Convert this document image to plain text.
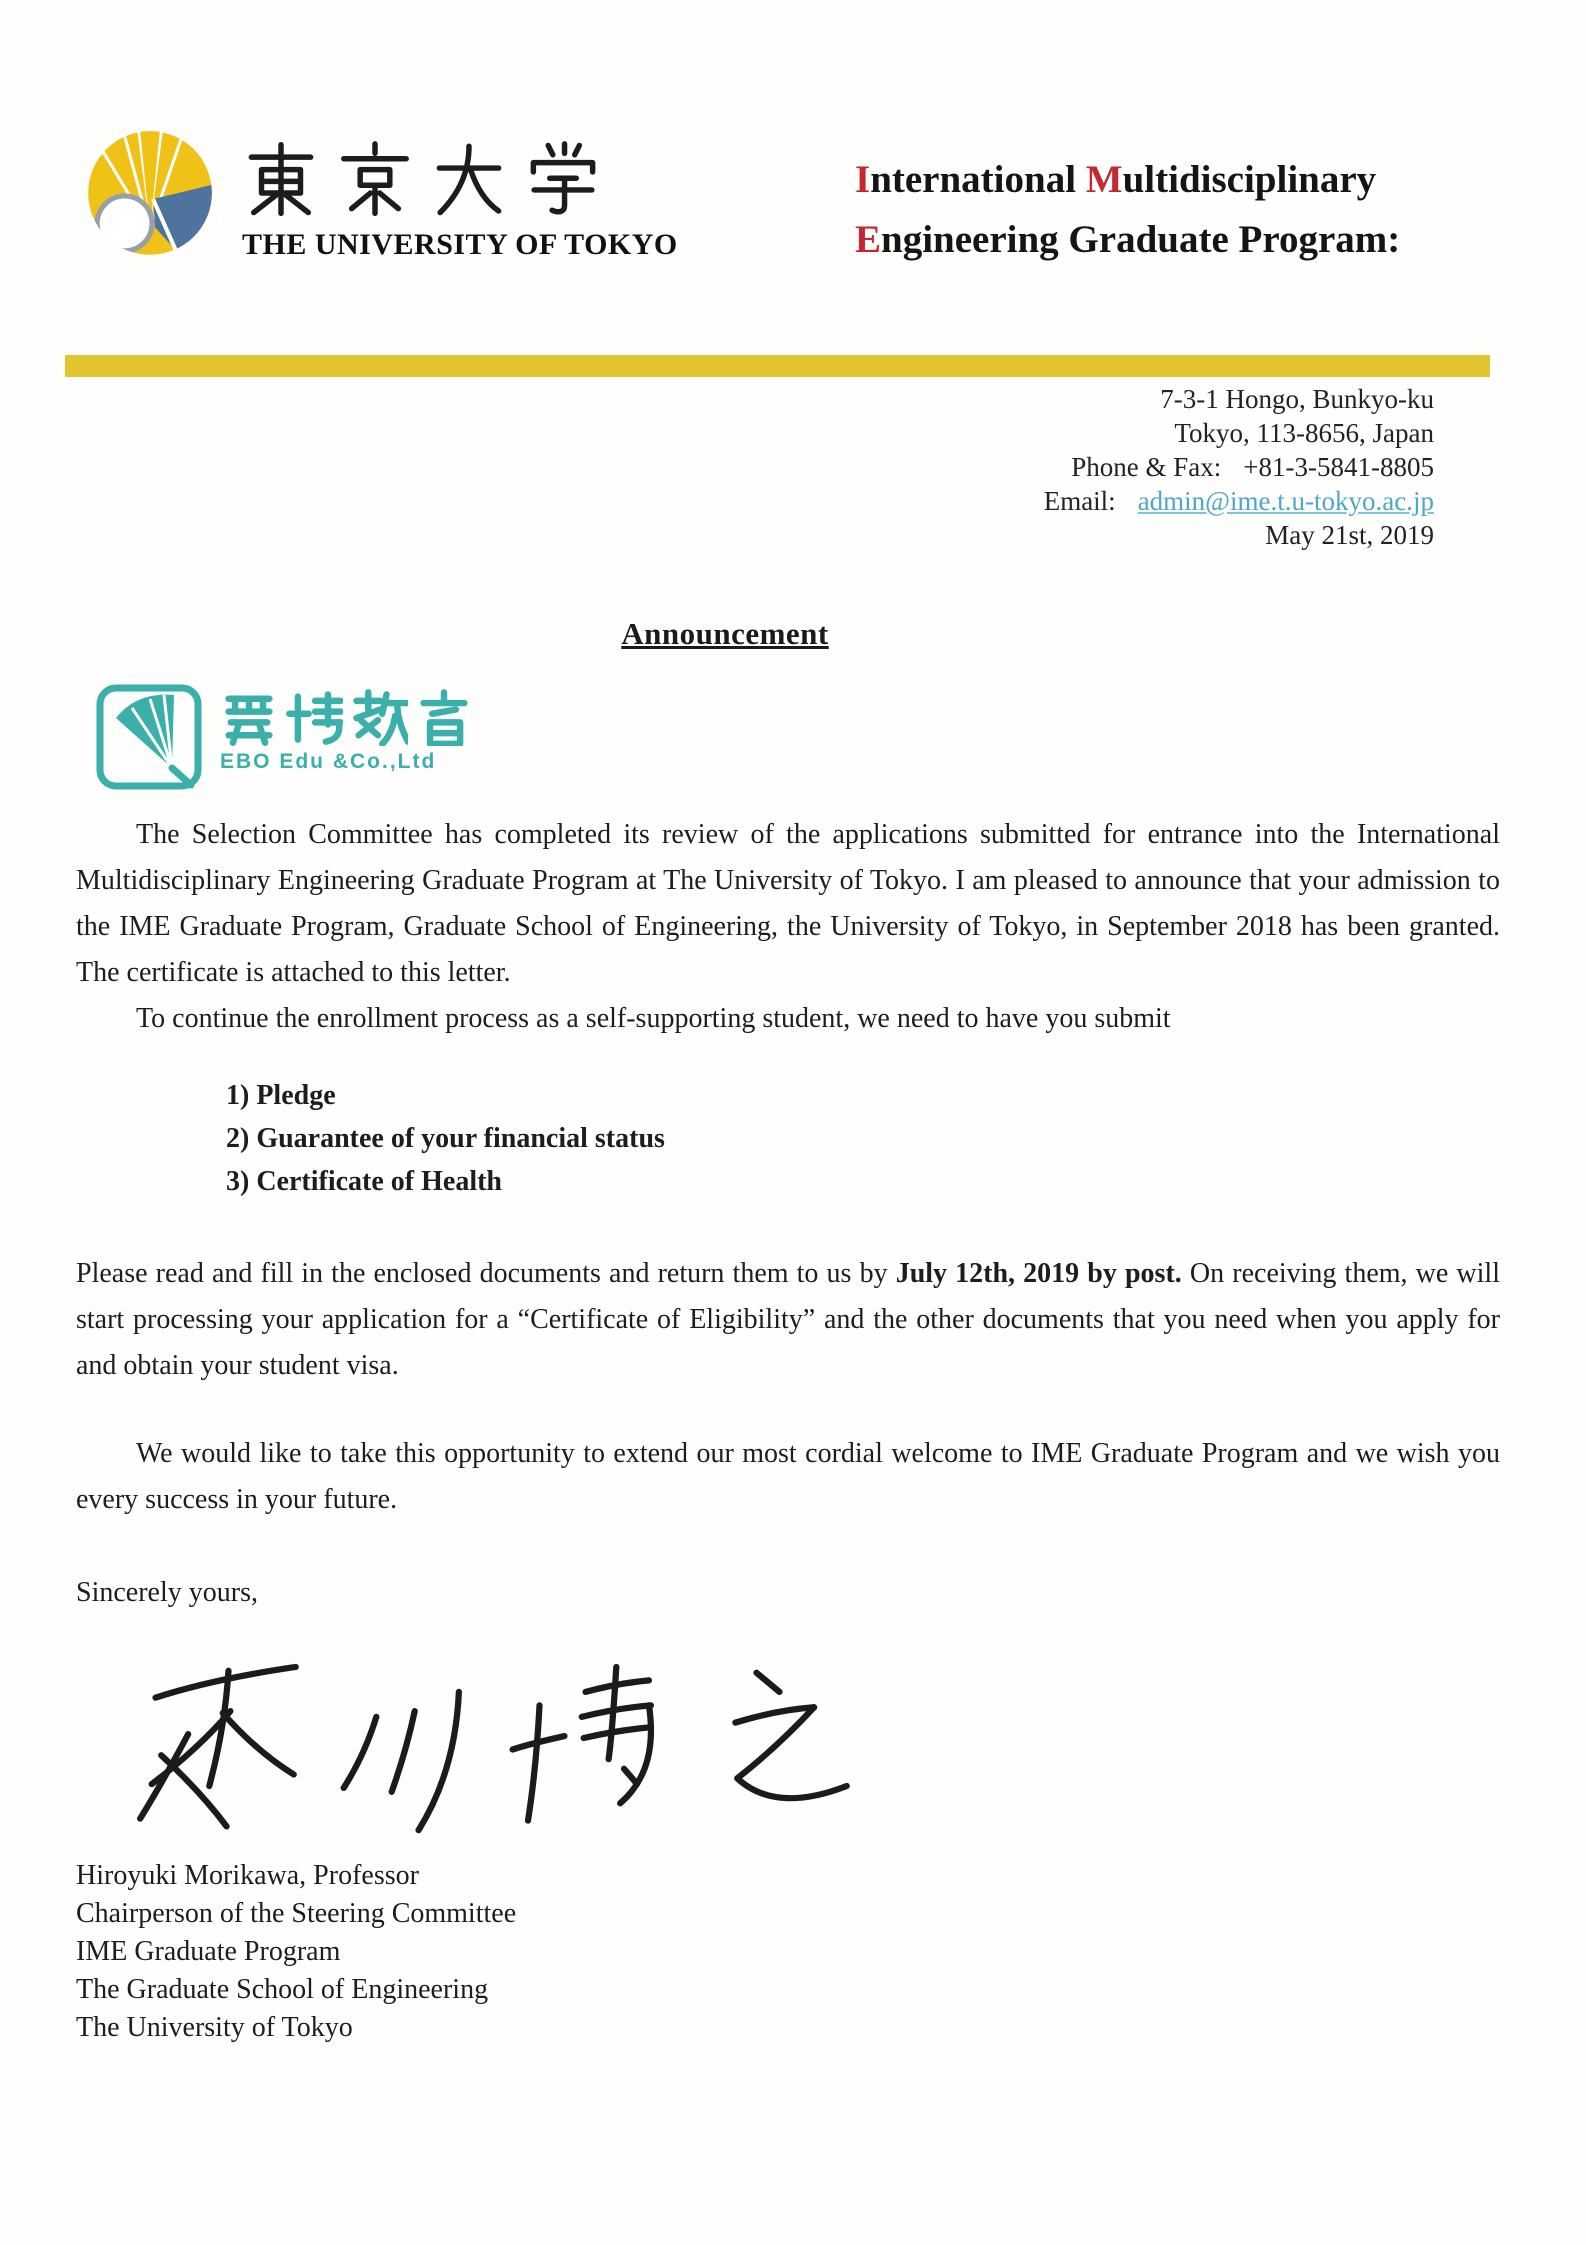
THE UNIVERSITY OF TOKYO
International Multidisciplinary
Engineering Graduate Program:
7-3-1 Hongo, Bunkyo-ku
Tokyo, 113-8656, Japan
Phone & Fax: +81-3-5841-8805
Email: admin@ime.t.u-tokyo.ac.jp
May 21st, 2019
Announcement
EBO Edu &Co.,Ltd

The Selection Committee has completed its review of the applications submitted for entrance into the International Multidisciplinary Engineering Graduate Program at The University of Tokyo. I am pleased to announce that your admission to the IME Graduate Program, Graduate School of Engineering, the University of Tokyo, in September 2018 has been granted. The certificate is attached to this letter.

To continue the enrollment process as a self-supporting student, we need to have you submit

1) Pledge
2) Guarantee of your financial status
3) Certificate of Health

Please read and fill in the enclosed documents and return them to us by July 12th, 2019 by post. On receiving them, we will start processing your application for a “Certificate of Eligibility” and the other documents that you need when you apply for and obtain your student visa.

We would like to take this opportunity to extend our most cordial welcome to IME Graduate Program and we wish you every success in your future.

Sincerely yours,

Hiroyuki Morikawa, Professor
Chairperson of the Steering Committee
IME Graduate Program
The Graduate School of Engineering
The University of Tokyo
